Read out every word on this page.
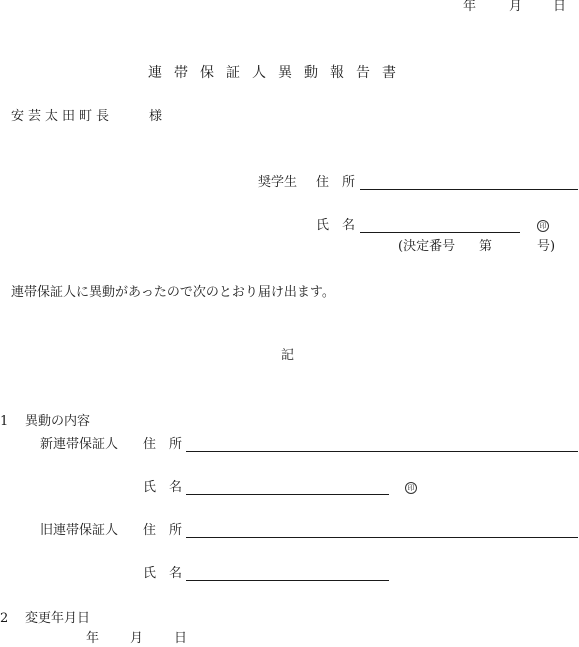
年	月 日
連帯保証人異動報告書
安芸太田町長	様
奨学生 住　所
氏　名	印
(決定番号 第	号)
連帯保証人に異動があったので次のとおり届け出ます。
記
1 異動の内容
新連帯保証人 住　所
氏　名	印
旧連帯保証人 住　所
氏　名
2 変更年月日
年 月 日
